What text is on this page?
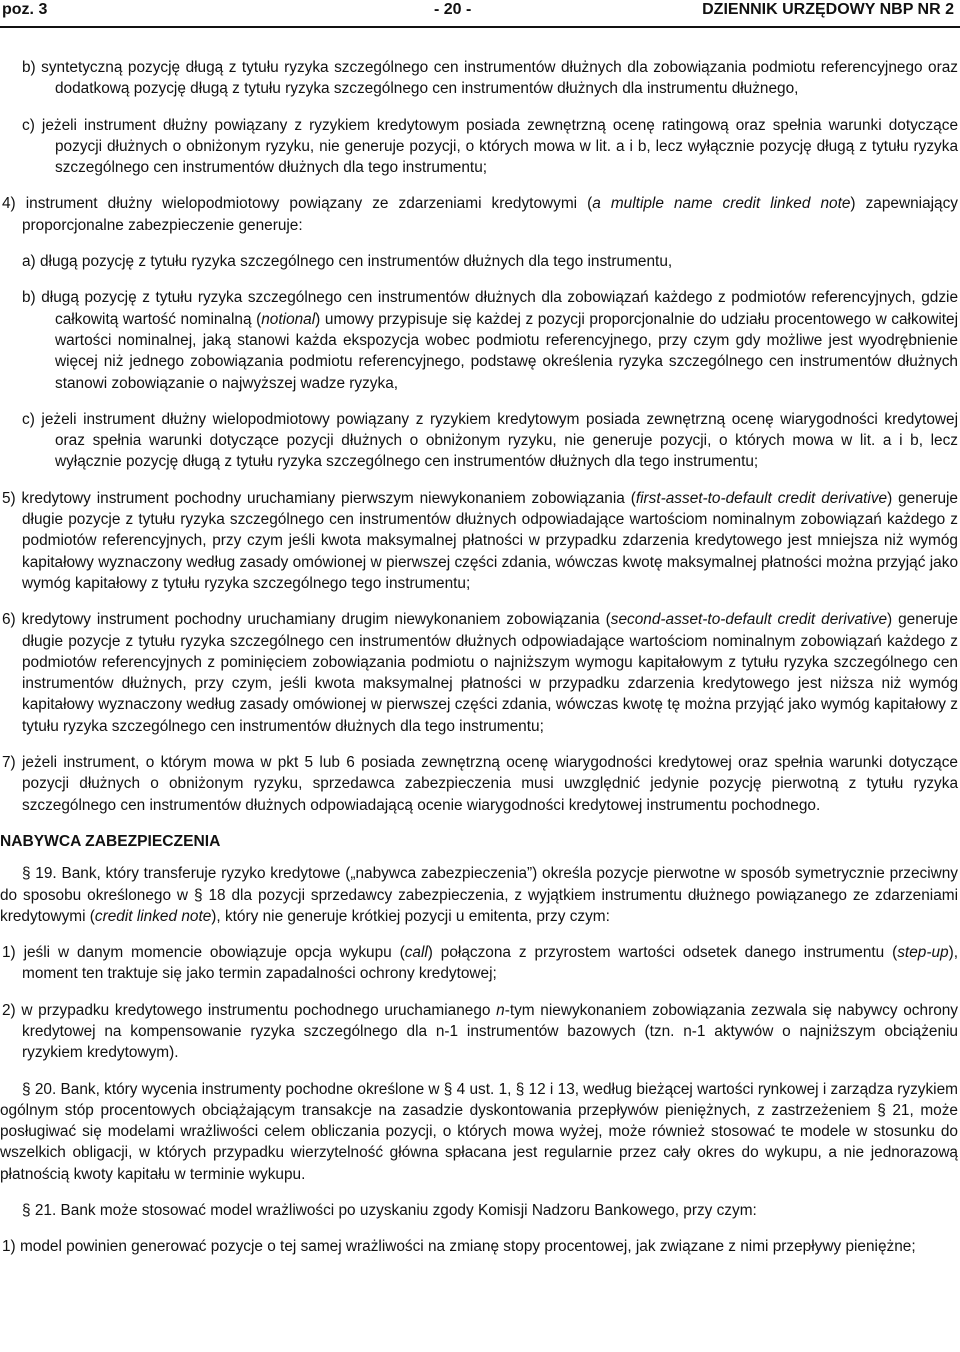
poz. 3	- 20 -	DZIENNIK URZĘDOWY NBP NR 2

b) syntetyczną pozycję długą z tytułu ryzyka szczególnego cen instrumentów dłużnych dla zobowiązania podmiotu referencyjnego oraz dodatkową pozycję długą z tytułu ryzyka szczególnego cen instrumentów dłużnych dla instrumentu dłużnego,

c) jeżeli instrument dłużny powiązany z ryzykiem kredytowym posiada zewnętrzną ocenę ratingową oraz spełnia warunki dotyczące pozycji dłużnych o obniżonym ryzyku, nie generuje pozycji, o których mowa w lit. a i b, lecz wyłącznie pozycję długą z tytułu ryzyka szczególnego cen instrumentów dłużnych dla tego instrumentu;

4) instrument dłużny wielopodmiotowy powiązany ze zdarzeniami kredytowymi (a multiple name credit linked note) zapewniający proporcjonalne zabezpieczenie generuje:

a) długą pozycję z tytułu ryzyka szczególnego cen instrumentów dłużnych dla tego instrumentu,

b) długą pozycję z tytułu ryzyka szczególnego cen instrumentów dłużnych dla zobowiązań każdego z podmiotów referencyjnych, gdzie całkowitą wartość nominalną (notional) umowy przypisuje się każdej z pozycji proporcjonalnie do udziału procentowego w całkowitej wartości nominalnej, jaką stanowi każda ekspozycja wobec podmiotu referencyjnego, przy czym gdy możliwe jest wyodrębnienie więcej niż jednego zobowiązania podmiotu referencyjnego, podstawę określenia ryzyka szczególnego cen instrumentów dłużnych stanowi zobowiązanie o najwyższej wadze ryzyka,

c) jeżeli instrument dłużny wielopodmiotowy powiązany z ryzykiem kredytowym posiada zewnętrzną ocenę wiarygodności kredytowej oraz spełnia warunki dotyczące pozycji dłużnych o obniżonym ryzyku, nie generuje pozycji, o których mowa w lit. a i b, lecz wyłącznie pozycję długą z tytułu ryzyka szczególnego cen instrumentów dłużnych dla tego instrumentu;

5) kredytowy instrument pochodny uruchamiany pierwszym niewykonaniem zobowiązania (first-asset-to-default credit derivative) generuje długie pozycje z tytułu ryzyka szczególnego cen instrumentów dłużnych odpowiadające wartościom nominalnym zobowiązań każdego z podmiotów referencyjnych, przy czym jeśli kwota maksymalnej płatności w przypadku zdarzenia kredytowego jest mniejsza niż wymóg kapitałowy wyznaczony według zasady omówionej w pierwszej części zdania, wówczas kwotę maksymalnej płatności można przyjąć jako wymóg kapitałowy z tytułu ryzyka szczególnego tego instrumentu;

6) kredytowy instrument pochodny uruchamiany drugim niewykonaniem zobowiązania (second-asset-to-default credit derivative) generuje długie pozycje z tytułu ryzyka szczególnego cen instrumentów dłużnych odpowiadające wartościom nominalnym zobowiązań każdego z podmiotów referencyjnych z pominięciem zobowiązania podmiotu o najniższym wymogu kapitałowym z tytułu ryzyka szczególnego cen instrumentów dłużnych, przy czym, jeśli kwota maksymalnej płatności w przypadku zdarzenia kredytowego jest niższa niż wymóg kapitałowy wyznaczony według zasady omówionej w pierwszej części zdania, wówczas kwotę tę można przyjąć jako wymóg kapitałowy z tytułu ryzyka szczególnego cen instrumentów dłużnych dla tego instrumentu;

7) jeżeli instrument, o którym mowa w pkt 5 lub 6 posiada zewnętrzną ocenę wiarygodności kredytowej oraz spełnia warunki dotyczące pozycji dłużnych o obniżonym ryzyku, sprzedawca zabezpieczenia musi uwzględnić jedynie pozycję pierwotną z tytułu ryzyka szczególnego cen instrumentów dłużnych odpowiadającą ocenie wiarygodności kredytowej instrumentu pochodnego.

NABYWCA ZABEZPIECZENIA

§ 19. Bank, który transferuje ryzyko kredytowe („nabywca zabezpieczenia”) określa pozycje pierwotne w sposób symetrycznie przeciwny do sposobu określonego w § 18 dla pozycji sprzedawcy zabezpieczenia, z wyjątkiem instrumentu dłużnego powiązanego ze zdarzeniami kredytowymi (credit linked note), który nie generuje krótkiej pozycji u emitenta, przy czym:

1) jeśli w danym momencie obowiązuje opcja wykupu (call) połączona z przyrostem wartości odsetek danego instrumentu (step-up), moment ten traktuje się jako termin zapadalności ochrony kredytowej;

2) w przypadku kredytowego instrumentu pochodnego uruchamianego n-tym niewykonaniem zobowiązania zezwala się nabywcy ochrony kredytowej na kompensowanie ryzyka szczególnego dla n-1 instrumentów bazowych (tzn. n-1 aktywów o najniższym obciążeniu ryzykiem kredytowym).

§ 20. Bank, który wycenia instrumenty pochodne określone w § 4 ust. 1, § 12 i 13, według bieżącej wartości rynkowej i zarządza ryzykiem ogólnym stóp procentowych obciążającym transakcje na zasadzie dyskontowania przepływów pieniężnych, z zastrzeżeniem § 21, może posługiwać się modelami wrażliwości celem obliczania pozycji, o których mowa wyżej, może również stosować te modele w stosunku do wszelkich obligacji, w których przypadku wierzytelność główna spłacana jest regularnie przez cały okres do wykupu, a nie jednorazową płatnością kwoty kapitału w terminie wykupu.

§ 21. Bank może stosować model wrażliwości po uzyskaniu zgody Komisji Nadzoru Bankowego, przy czym:

1) model powinien generować pozycje o tej samej wrażliwości na zmianę stopy procentowej, jak związane z nimi przepływy pieniężne;
